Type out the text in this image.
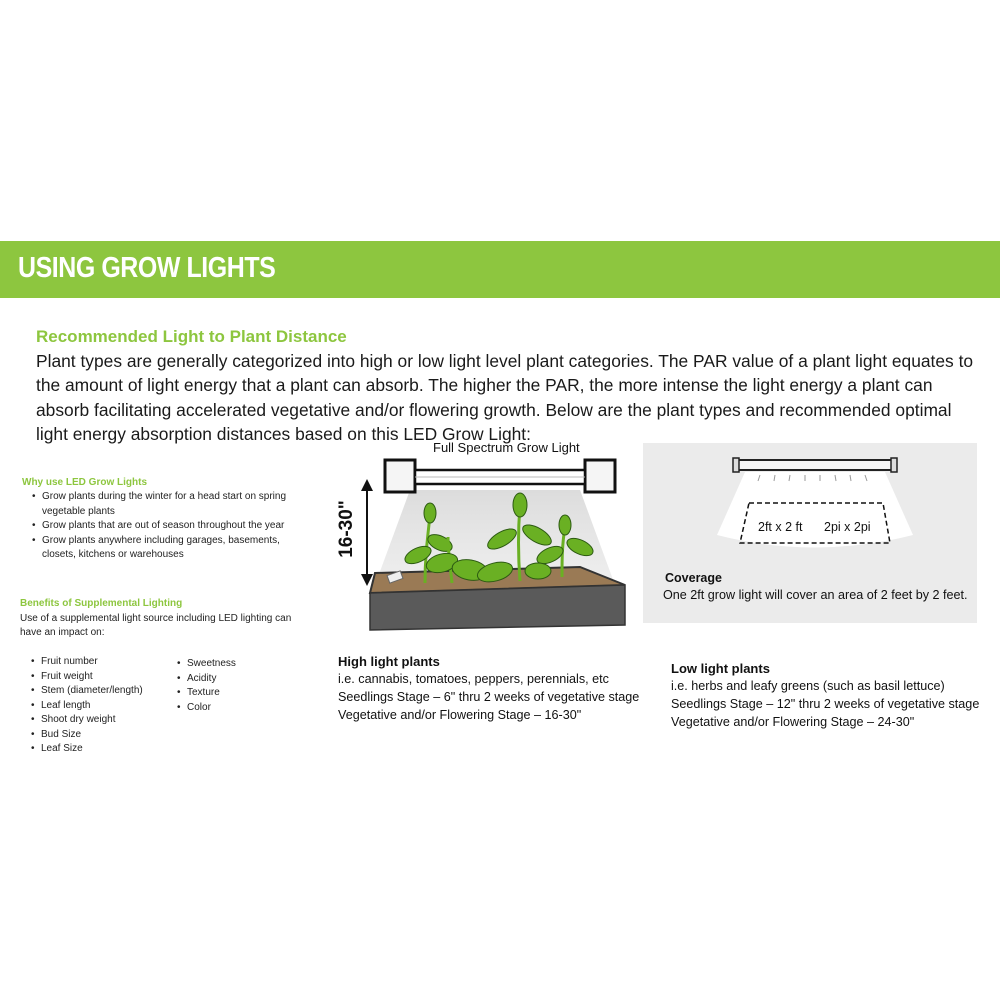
USING GROW LIGHTS
Recommended Light to Plant Distance
Plant types are generally categorized into high or low light level plant categories. The PAR value of a plant light equates to the amount of light energy that a plant can absorb. The higher the PAR, the more intense the light energy a plant can absorb facilitating accelerated vegetative and/or flowering growth. Below are the plant types and recommended optimal light energy absorption distances based on this LED Grow Light:
Why use LED Grow Lights
• Grow plants during the winter for a head start on spring vegetable plants
• Grow plants that are out of season throughout the year
• Grow plants anywhere including garages, basements, closets, kitchens or warehouses
Benefits of Supplemental Lighting
Use of a supplemental light source including LED lighting can have an impact on:
• Fruit number
• Fruit weight
• Stem (diameter/length)
• Leaf length
• Shoot dry weight
• Bud Size
• Leaf Size
• Sweetness
• Acidity
• Texture
• Color
Full Spectrum Grow Light
16-30"	2ft x 2 ft 2pi x 2pi
Coverage
One 2ft grow light will cover an area of 2 feet by 2 feet.
High light plants
i.e. cannabis, tomatoes, peppers, perennials, etc
Seedlings Stage – 6" thru 2 weeks of vegetative stage
Vegetative and/or Flowering Stage – 16-30"
Low light plants
i.e. herbs and leafy greens (such as basil lettuce)
Seedlings Stage – 12" thru 2 weeks of vegetative stage
Vegetative and/or Flowering Stage – 24-30"
